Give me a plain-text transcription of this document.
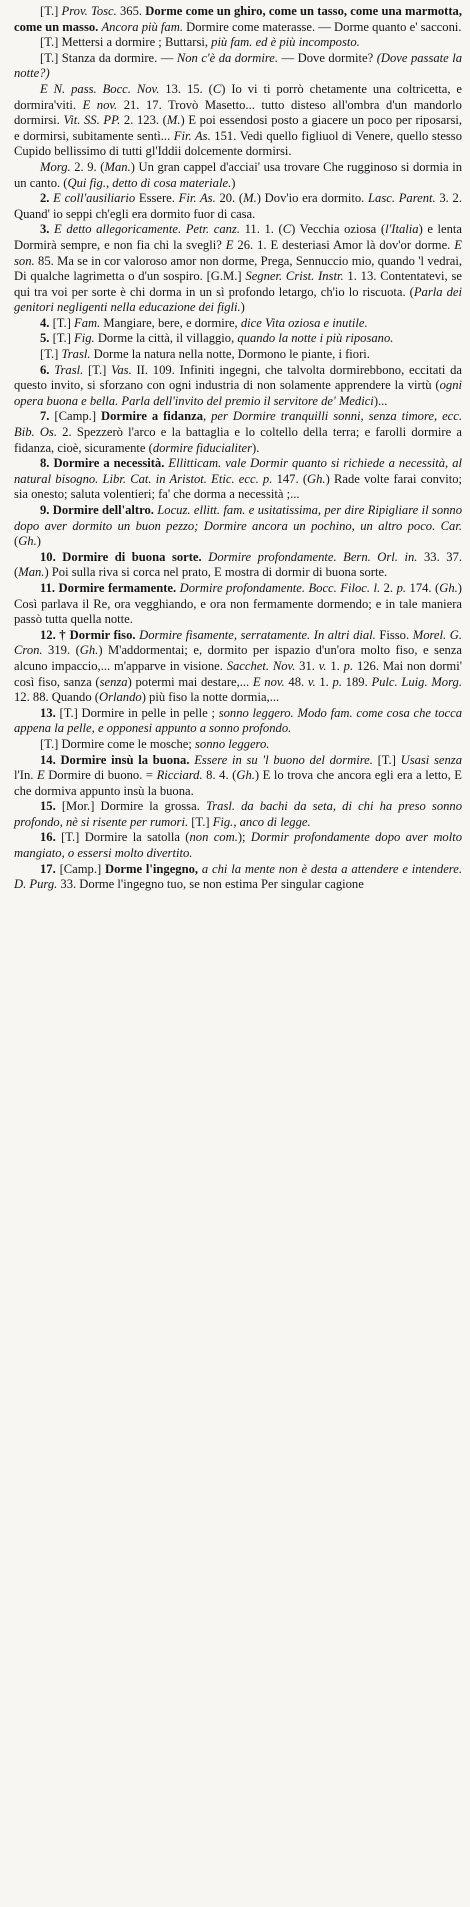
[T.] Prov. Tosc. 365. Dorme come un ghiro, come un tasso, come una marmotta, come un masso. Ancora più fam. Dormire come materasse. — Dorme quanto e' sacconi.

[T.] Mettersi a dormire ; Buttarsi, più fam. ed è più incomposto.

[T.] Stanza da dormire. — Non c'è da dormire. — Dove dormite? (Dove passate la notte?)

E N. pass. Bocc. Nov. 13. 15. (C) Io vi ti porrò chetamente una coltricetta, e dormira'viti. E nov. 21. 17. Trovò Masetto... tutto disteso all'ombra d'un mandorlo dormirsi. Vit. SS. PP. 2. 123. (M.) E poi essendosi posto a giacere un poco per riposarsi, e dormirsi, subitamente sentì... Fir. As. 151. Vedi quello figliuol di Venere, quello stesso Cupido bellissimo di tutti gl'Iddii dolcemente dormirsi.

Morg. 2. 9. (Man.) Un gran cappel d'acciai' usa trovare Che rugginoso si dormia in un canto. (Qui fig., detto di cosa materiale.)

2. E coll'ausiliario Essere. Fir. As. 20. (M.) Dov'io era dormito. Lasc. Parent. 3. 2. Quand' io seppi ch'egli era dormito fuor di casa.

3. E detto allegoricamente. Petr. canz. 11. 1. (C) Vecchia oziosa (l'Italia) e lenta Dormirà sempre, e non fia chi la svegli? E 26. 1. E desteriasi Amor là dov'or dorme. E son. 85. Ma se in cor valoroso amor non dorme, Prega, Sennuccio mio, quando 'l vedrai, Di qualche lagrimetta o d'un sospiro. [G.M.] Segner. Crist. Instr. 1. 13. Contentatevi, se qui tra voi per sorte è chi dorma in un sì profondo letargo, ch'io lo riscuota. (Parla dei genitori negligenti nella educazione dei figli.)

4. [T.] Fam. Mangiare, bere, e dormire, dice Vita oziosa e inutile.

5. [T.] Fig. Dorme la città, il villaggio, quando la notte i più riposano.

[T.] Trasl. Dorme la natura nella notte, Dormono le piante, i fiori.

6. Trasl. [T.] Vas. II. 109. Infiniti ingegni, che talvolta dormirebbono, eccitati da questo invito, si sforzano con ogni industria di non solamente apprendere la virtù (ogni opera buona e bella. Parla dell'invito del premio il servitore de' Medici)...

7. [Camp.] Dormire a fidanza, per Dormire tranquilli sonni, senza timore, ecc. Bib. Os. 2. Spezzerò l'arco e la battaglia e lo coltello della terra; e farolli dormire a fidanza, cioè, sicuramente (dormire fiducialiter).

8. Dormire a necessità. Ellitticam. vale Dormir quanto si richiede a necessità, al natural bisogno. Libr. Cat. in Aristot. Etic. ecc. p. 147. (Gh.) Rade volte farai convito; sia onesto; saluta volentieri; fa' che dorma a necessità ;...

9. Dormire dell'altro. Locuz. ellitt. fam. e usitatissima, per dire Ripigliare il sonno dopo aver dormito un buon pezzo; Dormire ancora un pochino, un altro poco. Car. (Gh.)

10. Dormire di buona sorte. Dormire profondamente. Bern. Orl. in. 33. 37. (Man.) Poi sulla riva si corca nel prato, E mostra di dormir di buona sorte.

11. Dormire fermamente. Dormire profondamente. Bocc. Filoc. l. 2. p. 174. (Gh.) Così parlava il Re, ora vegghiando, e ora non fermamente dormendo; e in tale maniera passò tutta quella notte.

12. † Dormir fiso. Dormire fisamente, serratamente. In altri dial. Fisso. Morel. G. Cron. 319. (Gh.) M'addormentai; e, dormito per ispazio d'un'ora molto fiso, e senza alcuno impaccio,... m'apparve in visione. Sacchet. Nov. 31. v. 1. p. 126. Mai non dormi' così fiso, sanza (senza) potermi mai destare,... E nov. 48. v. 1. p. 189. Pulc. Luig. Morg. 12. 88. Quando (Orlando) più fiso la notte dormia,...

13. [T.] Dormire in pelle in pelle ; sonno leggero. Modo fam. come cosa che tocca appena la pelle, e opponesi appunto a sonno profondo.

[T.] Dormire come le mosche; sonno leggero.

14. Dormire insù la buona. Essere in su 'l buono del dormire. [T.] Usasi senza l'In. E Dormire di buono. = Ricciard. 8. 4. (Gh.) E lo trova che ancora egli era a letto, E che dormiva appunto insù la buona.

15. [Mor.] Dormire la grossa. Trasl. da bachi da seta, di chi ha preso sonno profondo, nè si risente per rumori. [T.] Fig., anco di legge.

16. [T.] Dormire la satolla (non com.); Dormir profondamente dopo aver molto mangiato, o essersi molto divertito.

17. [Camp.] Dorme l'ingegno, a chi la mente non è desta a attendere e intendere. D. Purg. 33. Dorme l'ingegno tuo, se non estima Per singular cagione
